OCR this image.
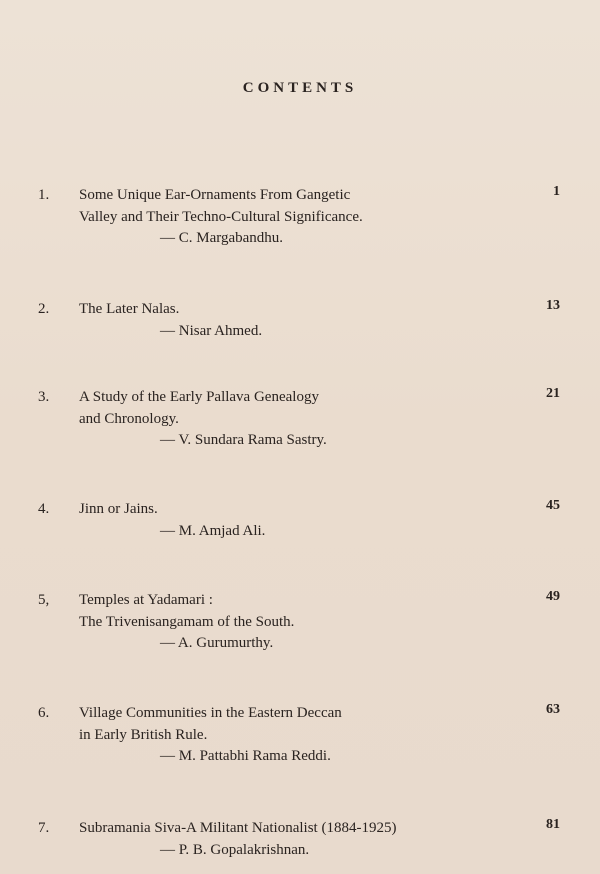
CONTENTS
1. Some Unique Ear-Ornaments From Gangetic
Valley and Their Techno-Cultural Significance.
— C. Margabandhu.
1
2. The Later Nalas.
— Nisar Ahmed.
13
3. A Study of the Early Pallava Genealogy
and Chronology.
— V. Sundara Rama Sastry.
21
4. Jinn or Jains.
— M. Amjad Ali.
45
5, Temples at Yadamari :
The Trivenisangamam of the South.
— A. Gurumurthy.
49
6. Village Communities in the Eastern Deccan
in Early British Rule.
— M. Pattabhi Rama Reddi.
63
7. Subramania Siva-A Militant Nationalist (1884-1925)
— P. B. Gopalakrishnan.
81
